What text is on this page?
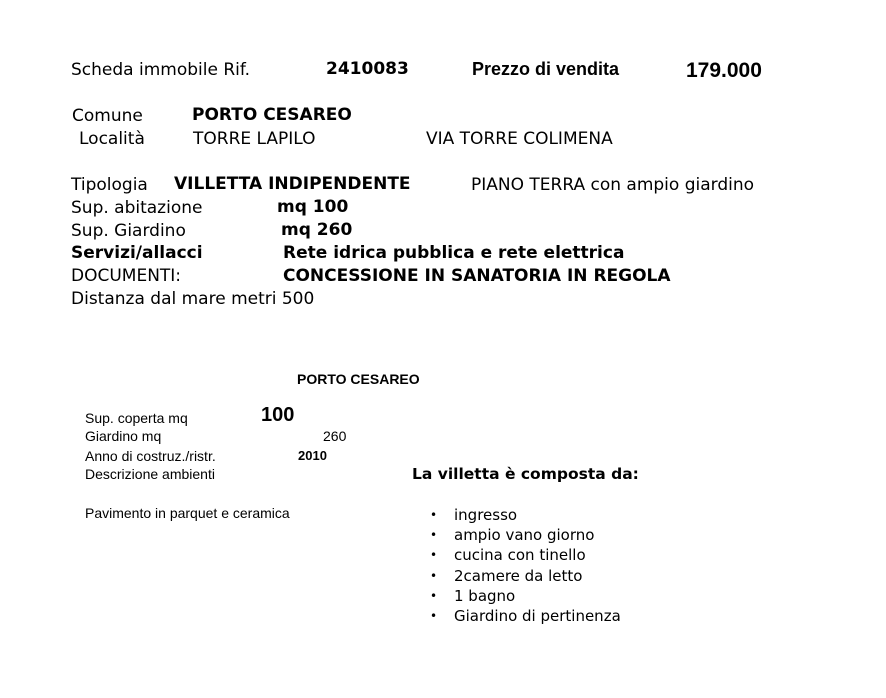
Scheda immobile Rif.	2410083	Prezzo di vendita	179.000
Comune	PORTO CESAREO
Località	TORRE LAPILO	VIA TORRE COLIMENA
Tipologia VILLETTA INDIPENDENTE	PIANO TERRA con ampio giardino
Sup. abitazione	mq 100
Sup. Giardino	mq 260
Servizi/allacci	Rete idrica pubblica e rete elettrica
DOCUMENTI:	CONCESSIONE IN SANATORIA IN REGOLA
Distanza dal mare metri 500
PORTO CESAREO
Sup. coperta mq	100
Giardino mq	260
Anno di costruz./ristr.	2010
Descrizione ambienti
Pavimento in parquet e ceramica
La villetta è composta da:
• ingresso
• ampio vano giorno
• cucina con tinello
• 2camere da letto
• 1 bagno
• Giardino di pertinenza
